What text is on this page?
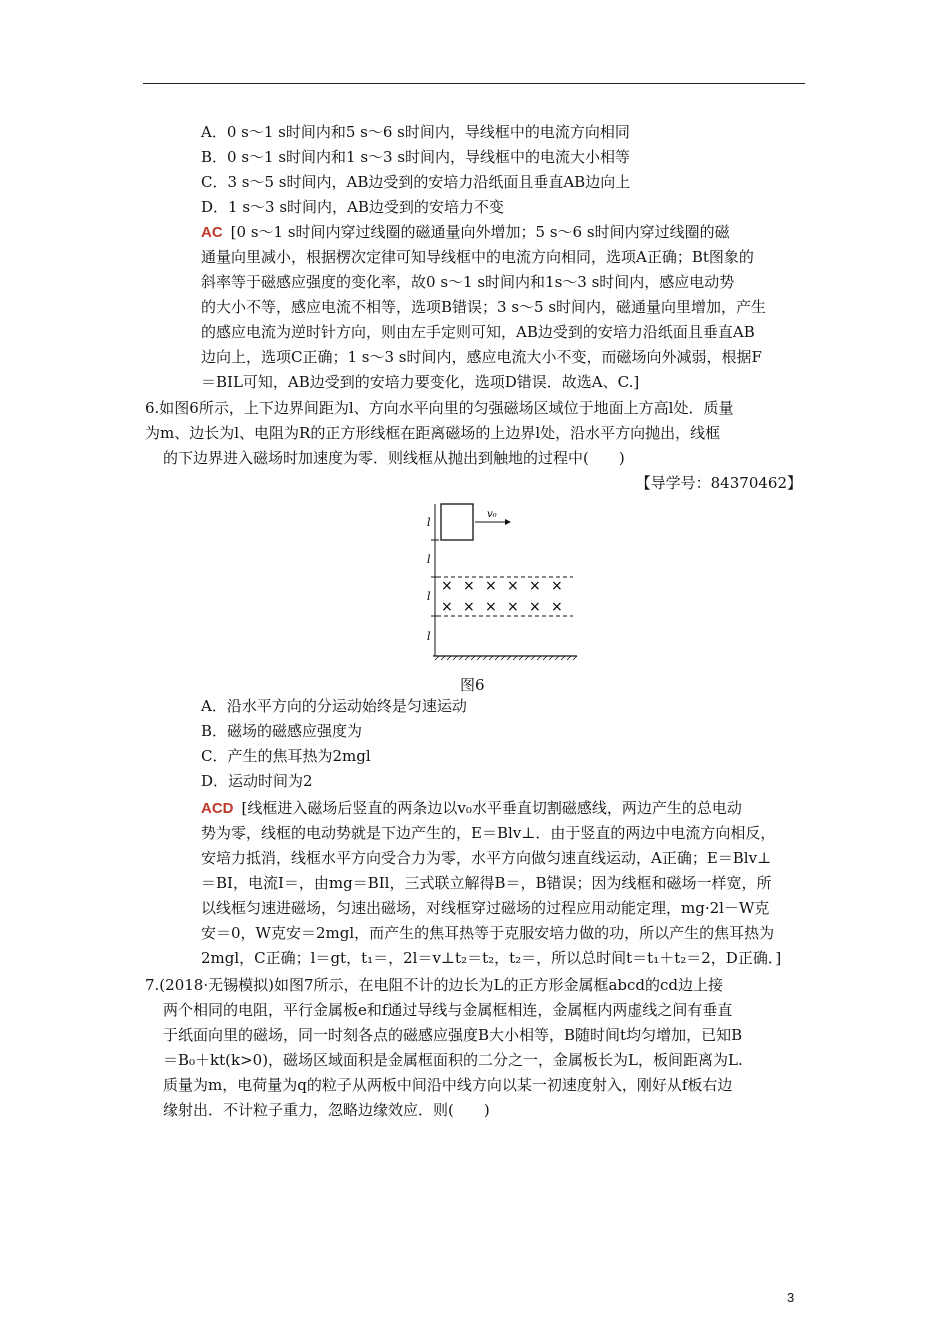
A．0 s～1 s时间内和5 s～6 s时间内，导线框中的电流方向相同
B．0 s～1 s时间内和1 s～3 s时间内，导线框中的电流大小相等
C．3 s～5 s时间内，AB边受到的安培力沿纸面且垂直AB边向上
D．1 s～3 s时间内，AB边受到的安培力不变
AC [0 s～1 s时间内穿过线圈的磁通量向外增加；5 s～6 s时间内穿过线圈的磁
通量向里减小，根据楞次定律可知导线框中的电流方向相同，选项A正确；Bt图象的
斜率等于磁感应强度的变化率，故0 s～1 s时间内和1s～3 s时间内，感应电动势
的大小不等，感应电流不相等，选项B错误；3 s～5 s时间内，磁通量向里增加，产生
的感应电流为逆时针方向，则由左手定则可知，AB边受到的安培力沿纸面且垂直AB
边向上，选项C正确；1 s～3 s时间内，感应电流大小不变，而磁场向外减弱，根据F
＝BIL可知，AB边受到的安培力要变化，选项D错误．故选A、C.]
6.如图6所示，上下边界间距为l、方向水平向里的匀强磁场区域位于地面上方高l处．质量
为m、边长为l、电阻为R的正方形线框在距离磁场的上边界l处，沿水平方向抛出，线框
的下边界进入磁场时加速度为零．则线框从抛出到触地的过程中(　　)
【导学号：84370462】
v₀
l
l
l
l
× × × × × ×
× × × × × ×
图6
A．沿水平方向的分运动始终是匀速运动
B．磁场的磁感应强度为
C．产生的焦耳热为2mgl
D．运动时间为2
ACD [线框进入磁场后竖直的两条边以v₀水平垂直切割磁感线，两边产生的总电动
势为零，线框的电动势就是下边产生的，E＝Blv⊥．由于竖直的两边中电流方向相反，
安培力抵消，线框水平方向受合力为零，水平方向做匀速直线运动，A正确；E＝Blv⊥
＝BI，电流I＝，由mg＝BIl，三式联立解得B＝，B错误；因为线框和磁场一样宽，所
以线框匀速进磁场，匀速出磁场，对线框穿过磁场的过程应用动能定理，mg·2l－W克
安＝0，W克安＝2mgl，而产生的焦耳热等于克服安培力做的功，所以产生的焦耳热为
2mgl，C正确；l＝gt，t₁＝，2l＝v⊥t₂＝t₂，t₂＝，所以总时间t＝t₁＋t₂＝2，D正确．]
7.(2018·无锡模拟)如图7所示，在电阻不计的边长为L的正方形金属框abcd的cd边上接
两个相同的电阻，平行金属板e和f通过导线与金属框相连，金属框内两虚线之间有垂直
于纸面向里的磁场，同一时刻各点的磁感应强度B大小相等，B随时间t均匀增加，已知B
＝B₀＋kt(k>0)，磁场区域面积是金属框面积的二分之一，金属板长为L，板间距离为L.
质量为m，电荷量为q的粒子从两板中间沿中线方向以某一初速度射入，刚好从f板右边
缘射出．不计粒子重力，忽略边缘效应．则(　　)
3
